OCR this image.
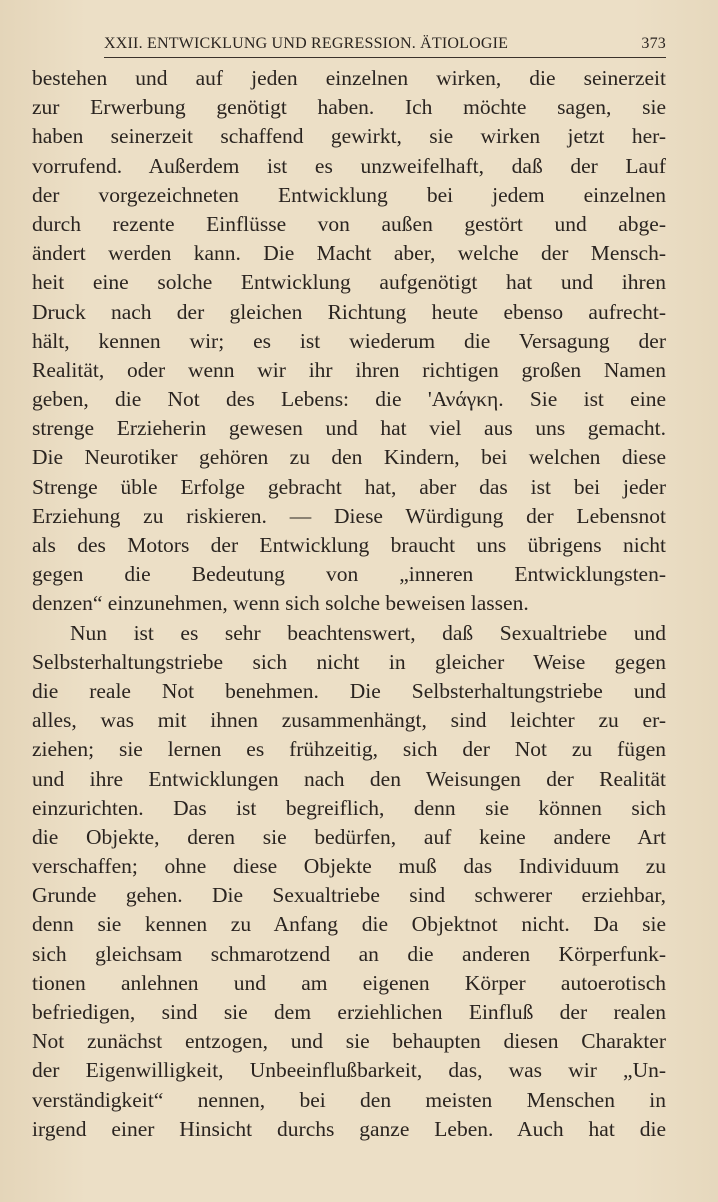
XXII. ENTWICKLUNG UND REGRESSION. ÄTIOLOGIE	373
bestehen und auf jeden einzelnen wirken, die seinerzeit
zur Erwerbung genötigt haben. Ich möchte sagen, sie
haben seinerzeit schaffend gewirkt, sie wirken jetzt her-
vorrufend. Außerdem ist es unzweifelhaft, daß der Lauf
der vorgezeichneten Entwicklung bei jedem einzelnen
durch rezente Einflüsse von außen gestört und abge-
ändert werden kann. Die Macht aber, welche der Mensch-
heit eine solche Entwicklung aufgenötigt hat und ihren
Druck nach der gleichen Richtung heute ebenso aufrecht-
hält, kennen wir; es ist wiederum die Versagung der
Realität, oder wenn wir ihr ihren richtigen großen Namen
geben, die Not des Lebens: die 'Ανάγκη. Sie ist eine
strenge Erzieherin gewesen und hat viel aus uns gemacht.
Die Neurotiker gehören zu den Kindern, bei welchen diese
Strenge üble Erfolge gebracht hat, aber das ist bei jeder
Erziehung zu riskieren. — Diese Würdigung der Lebensnot
als des Motors der Entwicklung braucht uns übrigens nicht
gegen die Bedeutung von „inneren Entwicklungsten-
denzen“ einzunehmen, wenn sich solche beweisen lassen.
Nun ist es sehr beachtenswert, daß Sexualtriebe und
Selbsterhaltungstriebe sich nicht in gleicher Weise gegen
die reale Not benehmen. Die Selbsterhaltungstriebe und
alles, was mit ihnen zusammenhängt, sind leichter zu er-
ziehen; sie lernen es frühzeitig, sich der Not zu fügen
und ihre Entwicklungen nach den Weisungen der Realität
einzurichten. Das ist begreiflich, denn sie können sich
die Objekte, deren sie bedürfen, auf keine andere Art
verschaffen; ohne diese Objekte muß das Individuum zu
Grunde gehen. Die Sexualtriebe sind schwerer erziehbar,
denn sie kennen zu Anfang die Objektnot nicht. Da sie
sich gleichsam schmarotzend an die anderen Körperfunk-
tionen anlehnen und am eigenen Körper autoerotisch
befriedigen, sind sie dem erziehlichen Einfluß der realen
Not zunächst entzogen, und sie behaupten diesen Charakter
der Eigenwilligkeit, Unbeeinflußbarkeit, das, was wir „Un-
verständigkeit“ nennen, bei den meisten Menschen in
irgend einer Hinsicht durchs ganze Leben. Auch hat die
